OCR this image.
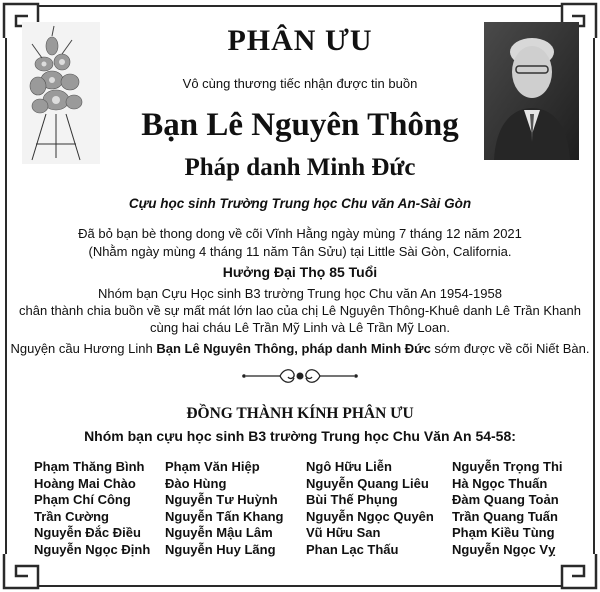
PHÂN ƯU
Vô cùng thương tiếc nhận được tin buồn
Bạn Lê Nguyên Thông
Pháp danh Minh Đức
Cựu học sinh Trường Trung học Chu văn An-Sài Gòn
Đã bỏ bạn bè thong dong về cõi Vĩnh Hằng ngày mùng 7 tháng 12 năm 2021
(Nhằm ngày mùng 4 tháng 11 năm Tân Sửu) tại Little Sài Gòn, California.
Hưởng Đại Thọ 85 Tuổi
Nhóm bạn Cựu Học sinh B3 trường Trung học Chu văn An 1954-1958
chân thành chia buồn về sự mất mát lớn lao của chị Lê Nguyên Thông-Khuê danh Lê Trần Khanh
cùng hai cháu Lê Trần Mỹ Linh và Lê Trần Mỹ Loan.
Nguyện cầu Hương Linh Bạn Lê Nguyên Thông, pháp danh Minh Đức sớm được về cõi Niết Bàn.
ĐỒNG THÀNH KÍNH PHÂN ƯU
Nhóm bạn cựu học sinh B3 trường Trung học Chu Văn An 54-58:
Phạm Thăng Bình
Hoàng Mai Chào
Phạm Chí Công
Trần Cường
Nguyễn Đắc Điều
Nguyễn Ngọc Định
Phạm Văn Hiệp
Đào Hùng
Nguyễn Tư Huỳnh
Nguyễn Tấn Khang
Nguyễn Mậu Lâm
Nguyễn Huy Lãng
Ngô Hữu Liễn
Nguyễn Quang Liêu
Bùi Thế Phụng
Nguyễn Ngọc Quyên
Vũ Hữu San
Phan Lạc Thấu
Nguyễn Trọng Thi
Hà Ngọc Thuấn
Đàm Quang Toản
Trần Quang Tuấn
Phạm Kiều Tùng
Nguyễn Ngọc Vỵ
